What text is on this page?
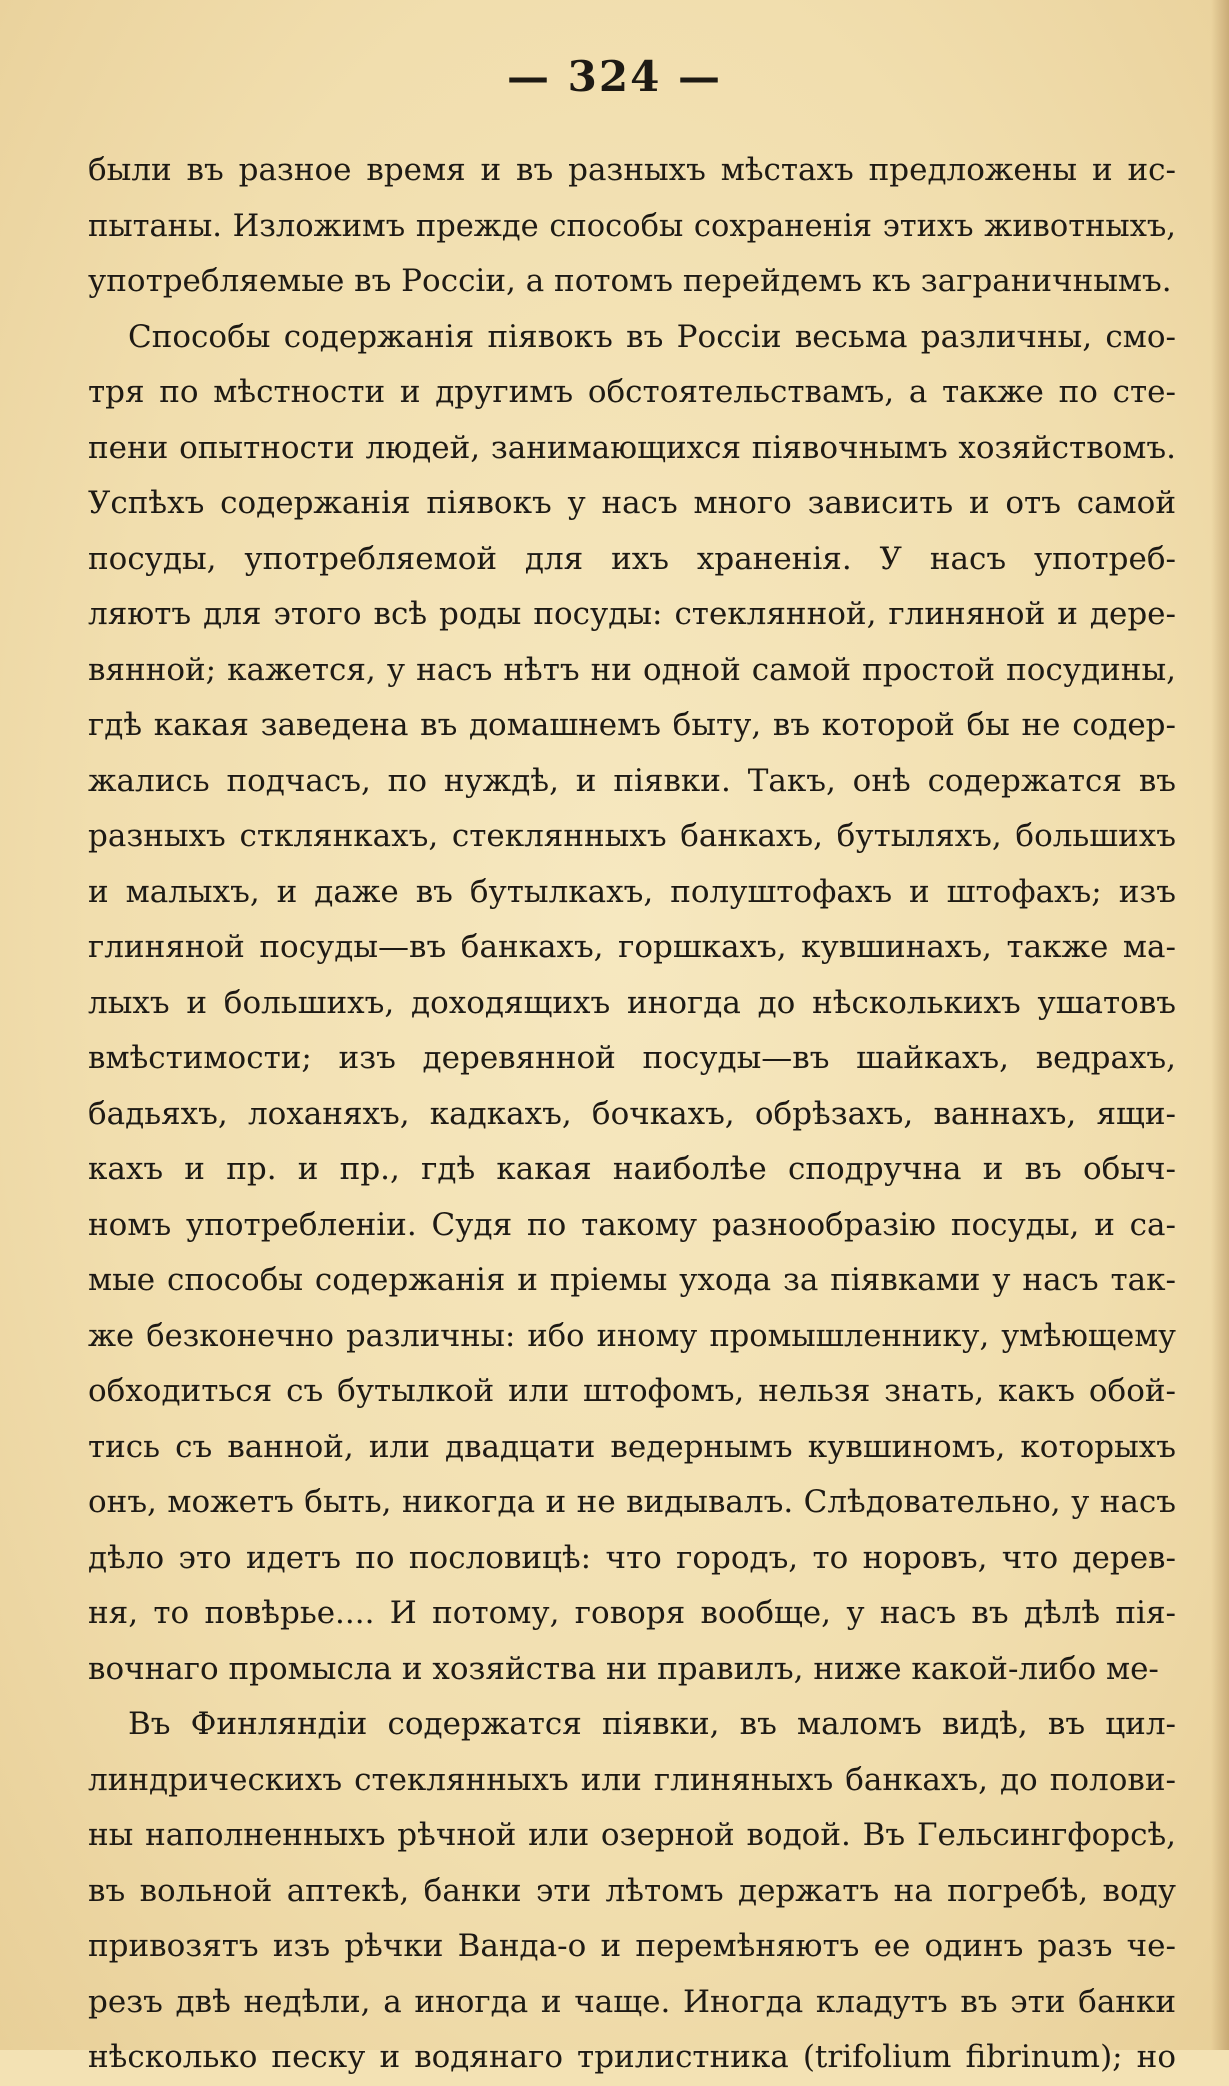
— 324 —
были въ разное время и въ разныхъ мѣстахъ предложены и ис-
пытаны. Изложимъ прежде способы сохраненія этихъ животныхъ,
употребляемые въ Россіи, а потомъ перейдемъ къ заграничнымъ.
Способы содержанія піявокъ въ Россіи весьма различны, смо-
тря по мѣстности и другимъ обстоятельствамъ, а также по сте-
пени опытности людей, занимающихся піявочнымъ хозяйствомъ.
Успѣхъ содержанія піявокъ у насъ много зависить и отъ самой
посуды, употребляемой для ихъ храненія. У насъ употреб-
ляютъ для этого всѣ роды посуды: стеклянной, глиняной и дере-
вянной; кажется, у насъ нѣтъ ни одной самой простой посудины,
гдѣ какая заведена въ домашнемъ быту, въ которой бы не содер-
жались подчасъ, по нуждѣ, и піявки. Такъ, онѣ содержатся въ
разныхъ стклянкахъ, стеклянныхъ банкахъ, бутыляхъ, большихъ
и малыхъ, и даже въ бутылкахъ, полуштофахъ и штофахъ; изъ
глиняной посуды—въ банкахъ, горшкахъ, кувшинахъ, также ма-
лыхъ и большихъ, доходящихъ иногда до нѣсколькихъ ушатовъ
вмѣстимости; изъ деревянной посуды—въ шайкахъ, ведрахъ,
бадьяхъ, лоханяхъ, кадкахъ, бочкахъ, обрѣзахъ, ваннахъ, ящи-
кахъ и пр. и пр., гдѣ какая наиболѣе сподручна и въ обыч-
номъ употребленіи. Судя по такому разнообразію посуды, и са-
мые способы содержанія и пріемы ухода за піявками у насъ так-
же безконечно различны: ибо иному промышленнику, умѣющему
обходиться съ бутылкой или штофомъ, нельзя знать, какъ обой-
тись съ ванной, или двадцати ведернымъ кувшиномъ, которыхъ
онъ, можетъ быть, никогда и не видывалъ. Слѣдовательно, у насъ
дѣло это идетъ по пословицѣ: что городъ, то норовъ, что дерев-
ня, то повѣрье.... И потому, говоря вообще, у насъ въ дѣлѣ пія-
вочнаго промысла и хозяйства ни правилъ, ниже какой-либо ме-
Въ Финляндіи содержатся піявки, въ маломъ видѣ, въ цил-
линдрическихъ стеклянныхъ или глиняныхъ банкахъ, до полови-
ны наполненныхъ рѣчной или озерной водой. Въ Гельсингфорсѣ,
въ вольной аптекѣ, банки эти лѣтомъ держатъ на погребѣ, воду
привозятъ изъ рѣчки Ванда-о и перемѣняютъ ее одинъ разъ че-
резъ двѣ недѣли, а иногда и чаще. Иногда кладутъ въ эти банки
нѣсколько песку и водянаго трилистника (trifolium fibrinum); но
